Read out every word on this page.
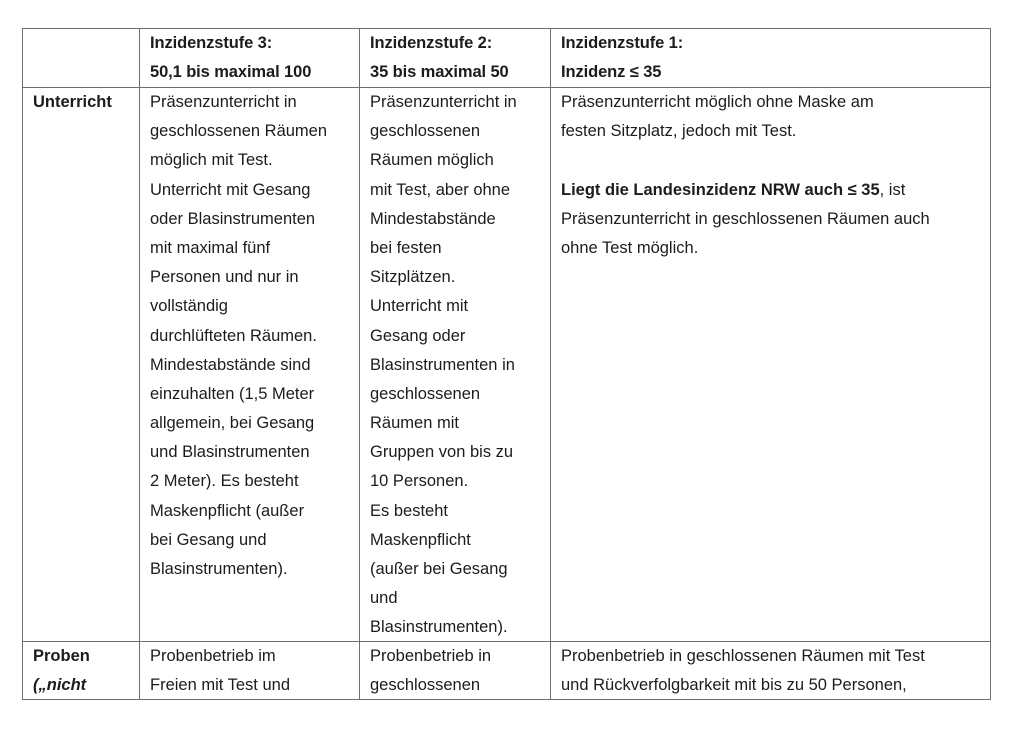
Inzidenzstufe 3:
50,1 bis maximal 100
Inzidenzstufe 2:
35 bis maximal 50
Inzidenzstufe 1:
Inzidenz ≤ 35
Unterricht Präsenzunterricht in
geschlossenen Räumen
möglich mit Test.
Unterricht mit Gesang
oder Blasinstrumenten
mit maximal fünf
Personen und nur in
vollständig
durchlüfteten Räumen.
Mindestabstände sind
einzuhalten (1,5 Meter
allgemein, bei Gesang
und Blasinstrumenten
2 Meter). Es besteht
Maskenpflicht (außer
bei Gesang und
Blasinstrumenten).
Präsenzunterricht in
geschlossenen
Räumen möglich
mit Test, aber ohne
Mindestabstände
bei festen
Sitzplätzen.
Unterricht mit
Gesang oder
Blasinstrumenten in
geschlossenen
Räumen mit
Gruppen von bis zu
10 Personen.
Es besteht
Maskenpflicht
(außer bei Gesang
und
Blasinstrumenten).
Präsenzunterricht möglich ohne Maske am
festen Sitzplatz, jedoch mit Test.
Liegt die Landesinzidenz NRW auch ≤ 35, ist
Präsenzunterricht in geschlossenen Räumen auch
ohne Test möglich.
Proben
(„nicht
Probenbetrieb im
Freien mit Test und
Probenbetrieb in
geschlossenen
Probenbetrieb in geschlossenen Räumen mit Test
und Rückverfolgbarkeit mit bis zu 50 Personen,
